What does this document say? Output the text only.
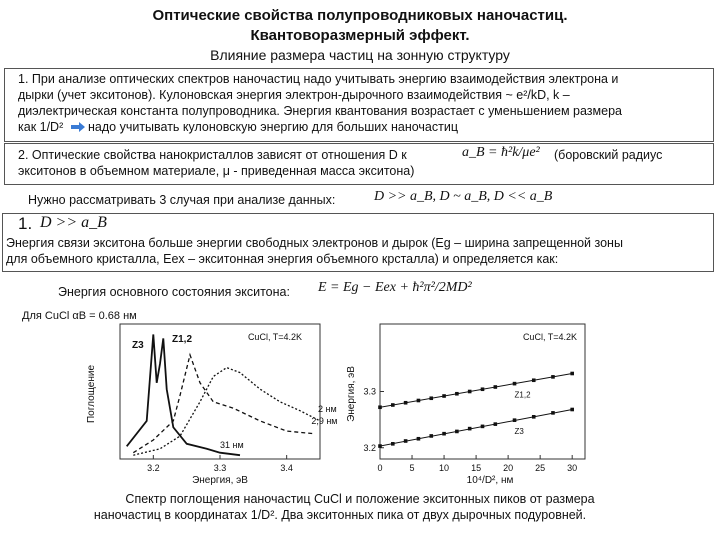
Оптические свойства полупроводниковых наночастиц.
Квантоворазмерный эффект.
Влияние размера частиц на зонную структуру
1. При анализе оптических спектров наночастиц надо учитывать энергию взаимодействия электрона и
дырки (учет экситонов). Кулоновская энергия электрон-дырочного взаимодействия ~ e²/kD, k –
диэлектрическая константа полупроводника. Энергия квантования возрастает с уменьшением размера
как 1/D² надо учитывать кулоновскую энергию для больших наночастиц
2. Оптические свойства нанокристаллов зависят от отношения D к	a_B = ħ²k/μe² (боровский радиус
экситонов в объемном материале, μ - приведенная масса экситона)
Нужно рассматривать 3 случая при анализе данных:	D >> a_B, D ~ a_B, D << a_B
1. D >> a_B
Энергия связи экситона больше энергии свободных электронов и дырок (Eg – ширина запрещенной зоны
для объемного кристалла, Eex – экситонная энергия объемного крсталла) и определяется как:
Энергия основного состояния экситона: E = Eg − Eex + ħ²π²/2MD²
Для CuCl αB = 0.68 нм
Поглощение
Энергия, эВ
CuCl, T=4.2K
3.2	3.3	3.4
31 нм
2,9 нм
2 нм
Z3
Z1,2
Энергия, эВ
10⁴/D², нм
CuCl, T=4.2K
0	5	10 15 20 25 30
3.2
3.3	Z1,2
Z3
Спектр поглощения наночастиц CuCl и положение экситонных пиков от размера
наночастиц в координатах 1/D². Два экситонных пика от двух дырочных подуровней.
